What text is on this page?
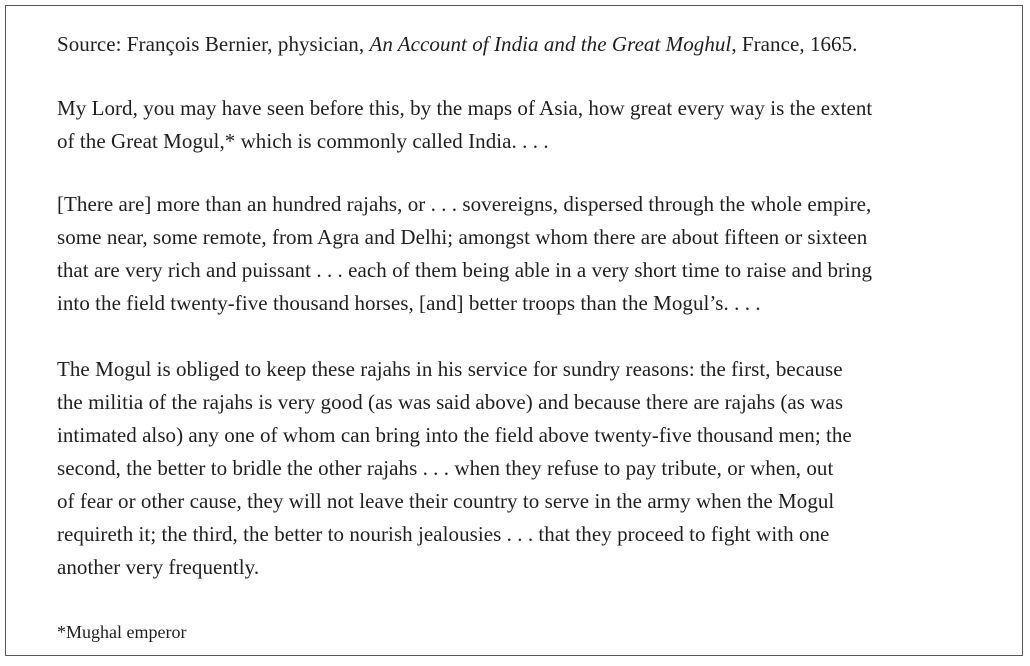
Source: François Bernier, physician, An Account of India and the Great Moghul, France, 1665.

My Lord, you may have seen before this, by the maps of Asia, how great every way is the extent
of the Great Mogul,* which is commonly called India. . . .

[There are] more than an hundred rajahs, or . . . sovereigns, dispersed through the whole empire,
some near, some remote, from Agra and Delhi; amongst whom there are about fifteen or sixteen
that are very rich and puissant . . . each of them being able in a very short time to raise and bring
into the field twenty-five thousand horses, [and] better troops than the Mogul’s. . . .

The Mogul is obliged to keep these rajahs in his service for sundry reasons: the first, because
the militia of the rajahs is very good (as was said above) and because there are rajahs (as was
intimated also) any one of whom can bring into the field above twenty-five thousand men; the
second, the better to bridle the other rajahs . . . when they refuse to pay tribute, or when, out
of fear or other cause, they will not leave their country to serve in the army when the Mogul
requireth it; the third, the better to nourish jealousies . . . that they proceed to fight with one
another very frequently.

*Mughal emperor
